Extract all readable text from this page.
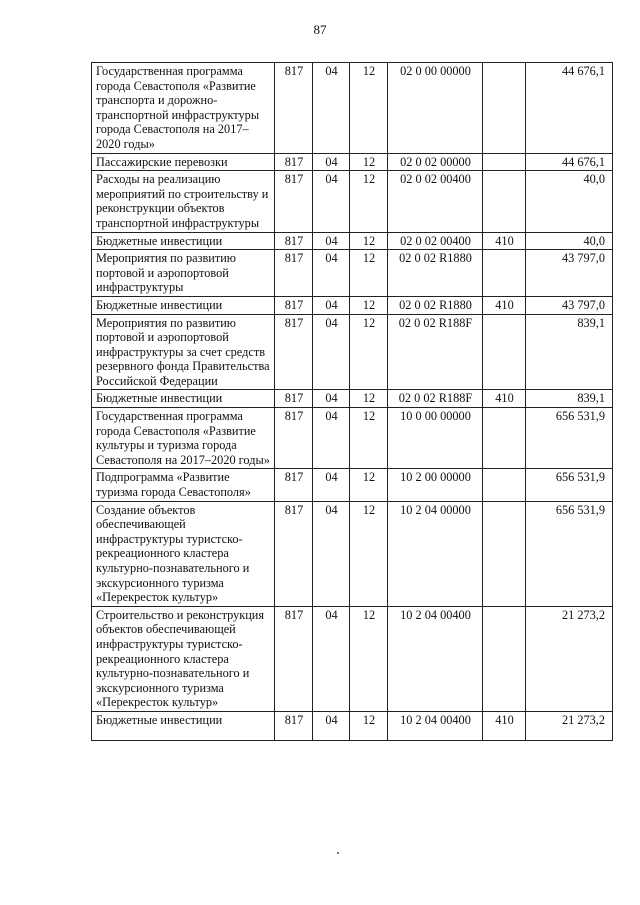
87
Государственная программа города Севастополя «Развитие транспорта и дорожно-транспортной инфраструктуры города Севастополя на 2017–2020 годы»	817	04	12	02 0 00 00000		44 676,1
Пассажирские перевозки	817	04	12	02 0 02 00000		44 676,1
Расходы на реализацию мероприятий по строительству и реконструкции объектов транспортной инфраструктуры	817	04	12	02 0 02 00400		40,0
Бюджетные инвестиции	817	04	12	02 0 02 00400	410	40,0
Мероприятия по развитию портовой и аэропортовой инфраструктуры	817	04	12	02 0 02 R1880		43 797,0
Бюджетные инвестиции	817	04	12	02 0 02 R1880	410	43 797,0
Мероприятия по развитию портовой и аэропортовой инфраструктуры за счет средств резервного фонда Правительства Российской Федерации	817	04	12	02 0 02 R188F		839,1
Бюджетные инвестиции	817	04	12	02 0 02 R188F	410	839,1
Государственная программа города Севастополя «Развитие культуры и туризма города Севастополя на 2017–2020 годы»	817	04	12	10 0 00 00000		656 531,9
Подпрограмма «Развитие туризма города Севастополя»	817	04	12	10 2 00 00000		656 531,9
Создание объектов обеспечивающей инфраструктуры туристско-рекреационного кластера культурно-познавательного и экскурсионного туризма «Перекресток культур»	817	04	12	10 2 04 00000		656 531,9
Строительство и реконструкция объектов обеспечивающей инфраструктуры туристско-рекреационного кластера культурно-познавательного и экскурсионного туризма «Перекресток культур»	817	04	12	10 2 04 00400		21 273,2
Бюджетные инвестиции	817	04	12	10 2 04 00400	410	21 273,2
